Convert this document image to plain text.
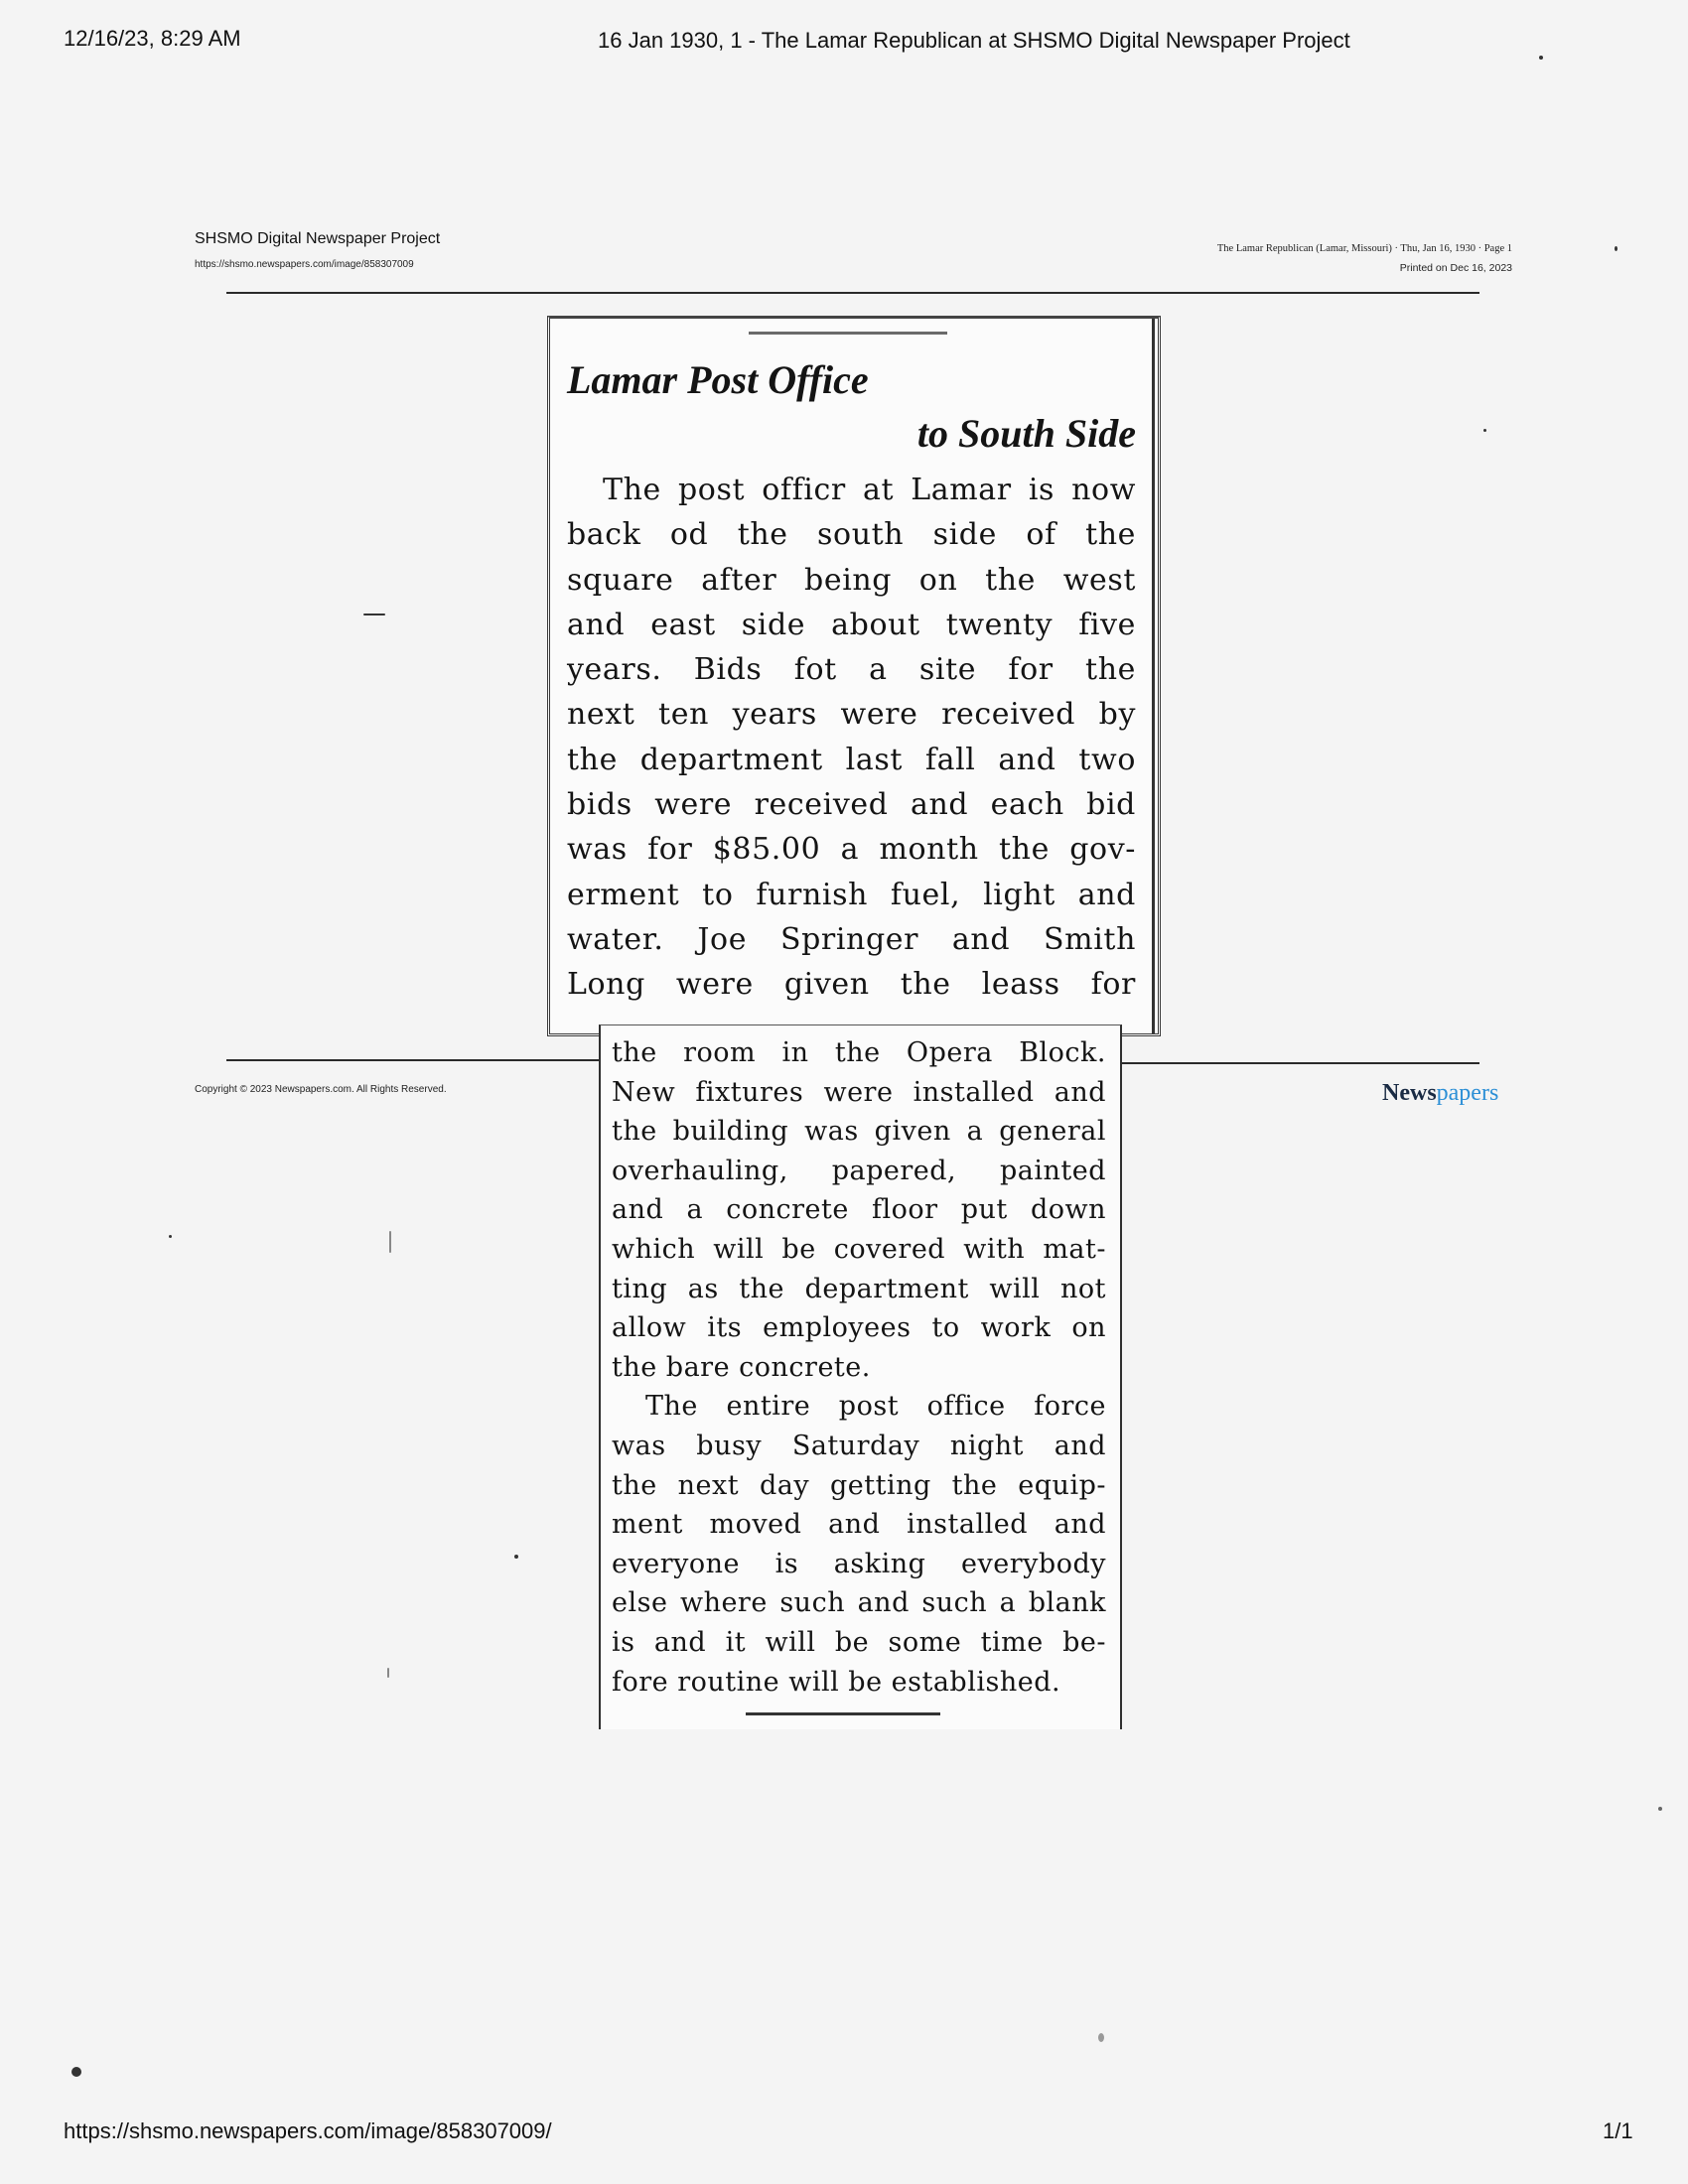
12/16/23, 8:29 AM	16 Jan 1930, 1 - The Lamar Republican at SHSMO Digital Newspaper Project
SHSMO Digital Newspaper Project
https://shsmo.newspapers.com/image/858307009
The Lamar Republican (Lamar, Missouri) · Thu, Jan 16, 1930 · Page 1
Printed on Dec 16, 2023
Lamar Post Office
to South Side
The post officr at Lamar is now
back od the south side of the
square after being on the west
and east side about twenty five
years. Bids fot a site for the
next ten years were received by
the department last fall and two
bids were received and each bid
was for $85.00 a month the gov-
erment to furnish fuel, light and
water. Joe Springer and Smith
Long were given the leass for
Copyright © 2023 Newspapers.com. All Rights Reserved.	Newspapers
the room in the Opera Block.
New fixtures were installed and
the building was given a general
overhauling, papered, painted
and a concrete floor put down
which will be covered with mat-
ting as the department will not
allow its employees to work on
the bare concrete.
The entire post office force
was busy Saturday night and
the next day getting the equip-
ment moved and installed and
everyone is asking everybody
else where such and such a blank
is and it will be some time be-
fore routine will be established.
https://shsmo.newspapers.com/image/858307009/	1/1
